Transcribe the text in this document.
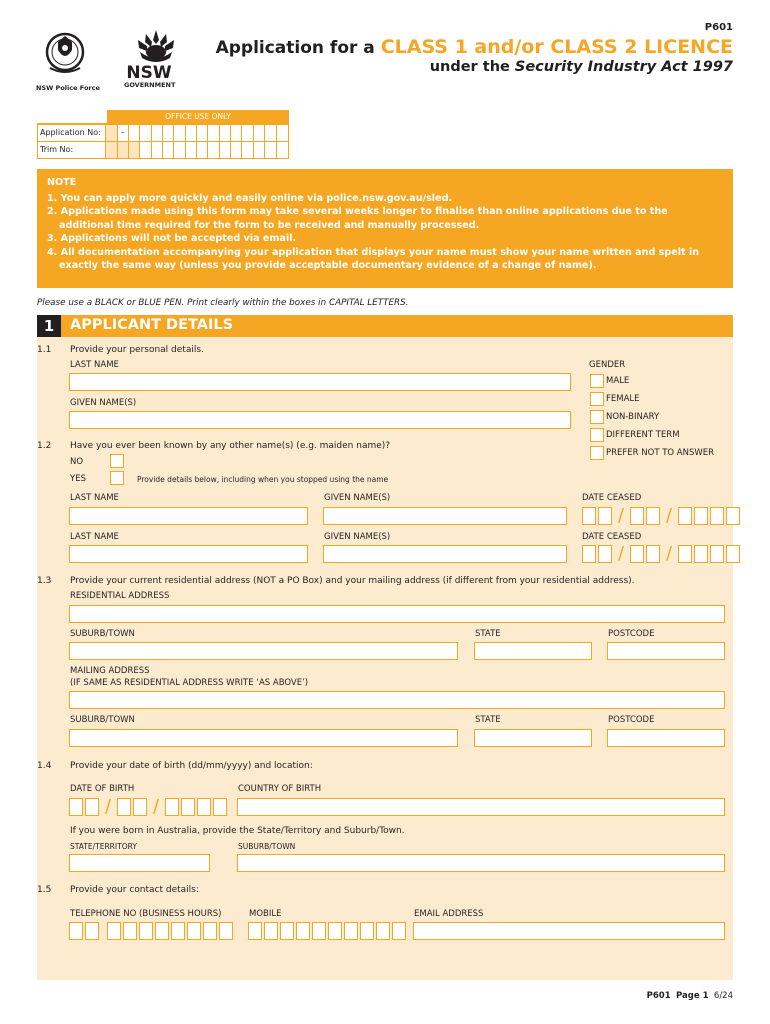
P601
Application for a CLASS 1 and/or CLASS 2 LICENCE
under the Security Industry Act 1997
NSW Police Force
NSW
GOVERNMENT
OFFICE USE ONLY
Application No:	–
Trim No:
NOTE
1. You can apply more quickly and easily online via police.nsw.gov.au/sled.
2. Applications made using this form may take several weeks longer to finalise than online applications due to the additional time required for the form to be received and manually processed.
3. Applications will not be accepted via email.
4. All documentation accompanying your application that displays your name must show your name written and spelt in exactly the same way (unless you provide acceptable documentary evidence of a change of name).
Please use a BLACK or BLUE PEN. Print clearly within the boxes in CAPITAL LETTERS.
1	APPLICANT DETAILS
1.1 Provide your personal details.
LAST NAME
GIVEN NAME(S)
GENDER
MALE
FEMALE
NON-BINARY
DIFFERENT TERM
PREFER NOT TO ANSWER
1.2 Have you ever been known by any other name(s) (e.g. maiden name)?
NO
YES	Provide details below, including when you stopped using the name
LAST NAME	GIVEN NAME(S)	DATE CEASED
/ /
LAST NAME	GIVEN NAME(S)	DATE CEASED
/ /
1.3 Provide your current residential address (NOT a PO Box) and your mailing address (if different from your residential address).
RESIDENTIAL ADDRESS
SUBURB/TOWN	STATE	POSTCODE
MAILING ADDRESS
(IF SAME AS RESIDENTIAL ADDRESS WRITE ‘AS ABOVE’)
SUBURB/TOWN	STATE	POSTCODE
1.4 Provide your date of birth (dd/mm/yyyy) and location:
DATE OF BIRTH	COUNTRY OF BIRTH
/ /
If you were born in Australia, provide the State/Territory and Suburb/Town.
STATE/TERRITORY	SUBURB/TOWN
1.5 Provide your contact details:
TELEPHONE NO (BUSINESS HOURS)	MOBILE	EMAIL ADDRESS
P601 Page 1 6/24
